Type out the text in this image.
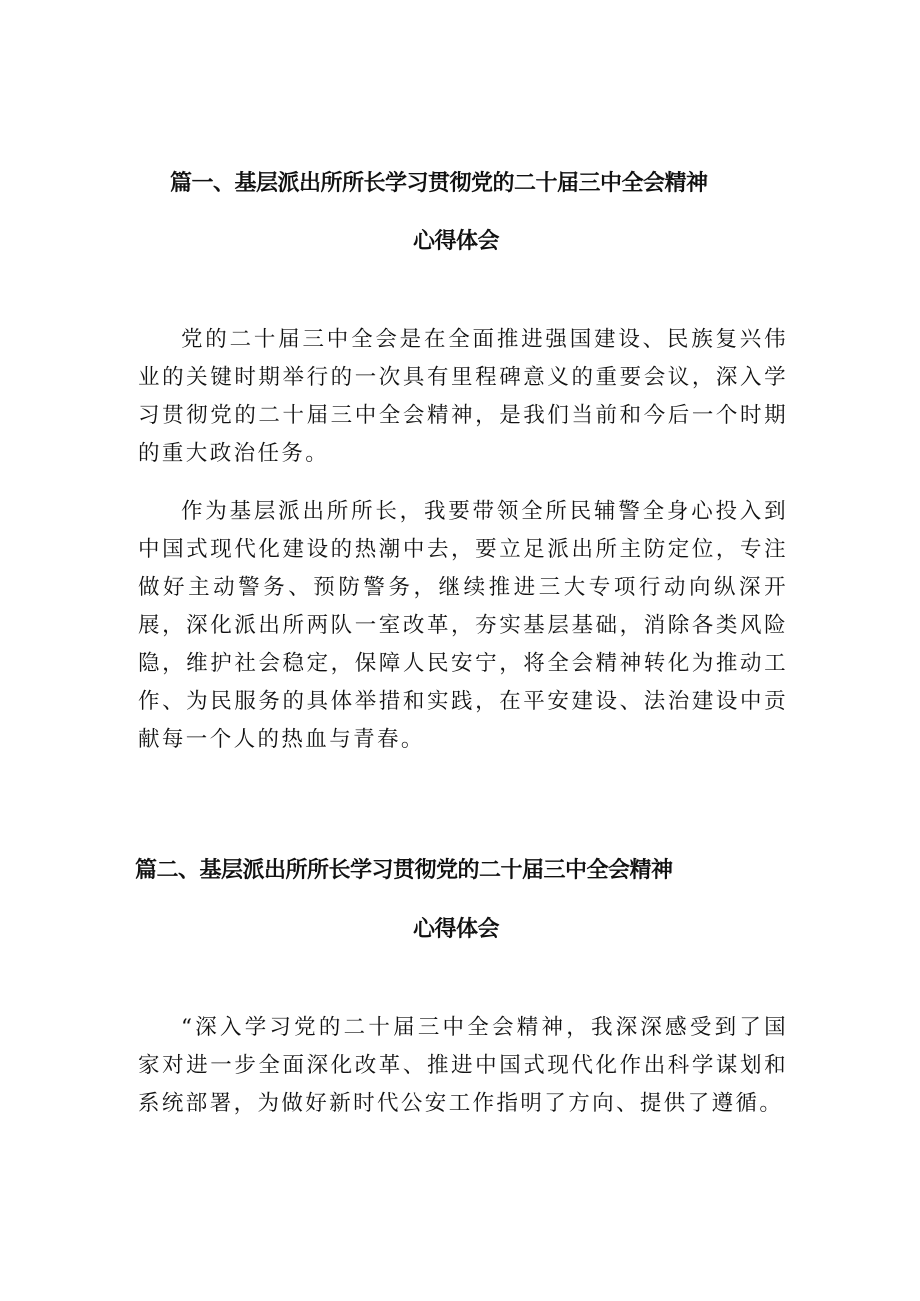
篇一、基层派出所所长学习贯彻党的二十届三中全会精神
心得体会

党的二十届三中全会是在全面推进强国建设、民族复兴伟业的关键时期举行的一次具有里程碑意义的重要会议，深入学习贯彻党的二十届三中全会精神，是我们当前和今后一个时期的重大政治任务。

作为基层派出所所长，我要带领全所民辅警全身心投入到中国式现代化建设的热潮中去，要立足派出所主防定位，专注做好主动警务、预防警务，继续推进三大专项行动向纵深开展，深化派出所两队一室改革，夯实基层基础，消除各类风险隐，维护社会稳定，保障人民安宁，将全会精神转化为推动工作、为民服务的具体举措和实践，在平安建设、法治建设中贡献每一个人的热血与青春。

篇二、基层派出所所长学习贯彻党的二十届三中全会精神
心得体会

“深入学习党的二十届三中全会精神，我深深感受到了国家对进一步全面深化改革、推进中国式现代化作出科学谋划和系统部署，为做好新时代公安工作指明了方向、提供了遵循。
